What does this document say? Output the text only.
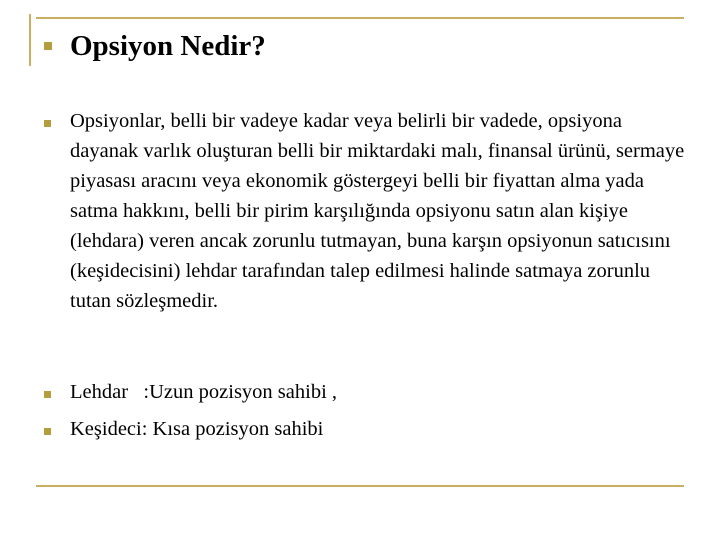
Opsiyon Nedir?
Opsiyonlar, belli bir vadeye kadar veya belirli bir vadede, opsiyona dayanak varlık oluşturan belli bir miktardaki malı, finansal ürünü, sermaye piyasası aracını veya ekonomik göstergeyi belli bir fiyattan alma yada satma hakkını, belli bir pirim karşılığında opsiyonu satın alan kişiye (lehdara) veren ancak zorunlu tutmayan, buna karşın opsiyonun satıcısını (keşidecisini) lehdar tarafından talep edilmesi halinde satmaya zorunlu tutan sözleşmedir.
Lehdar   :Uzun pozisyon sahibi ,
Keşideci: Kısa pozisyon sahibi
